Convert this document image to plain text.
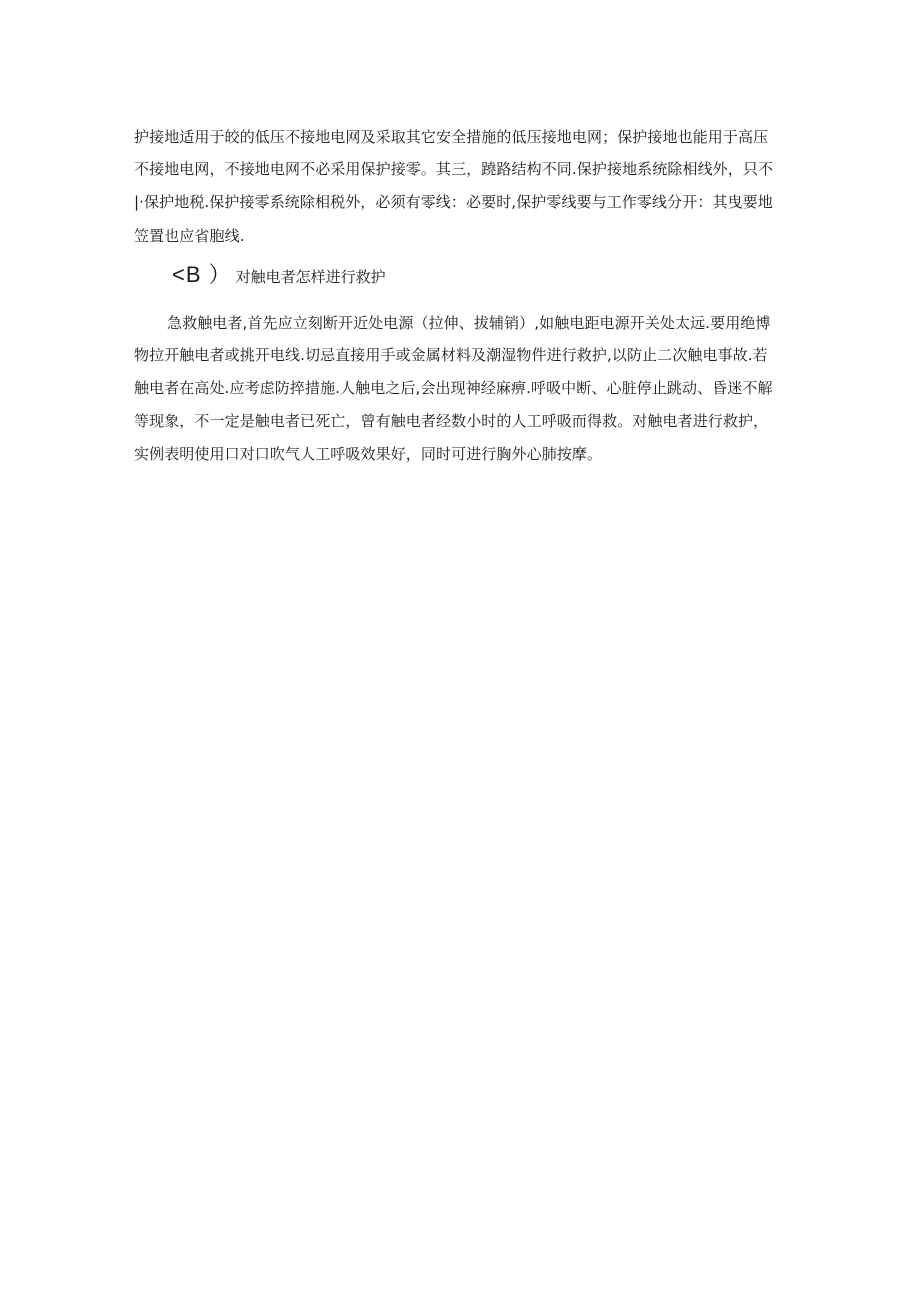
护接地适用于皎的低压不接地电网及采取其它安全措施的低压接地电网；保护接地也能用于高压
不接地电网，不接地电网不必采用保护接零。其三，蹺路结构不同.保护接地系统除相线外，只不
|·保护地税.保护接零系统除相税外，必须有零线：必要时,保护零线要与工作零线分开：其曳要地
笠置也应省胞线.
<B ） 对触电者怎样进行救护
急救触电者,首先应立刻断开近处电源（拉伸、拔辅销）,如触电距电源开关处太远.要用绝博
物拉开触电者或挑开电线.切忌直接用手或金属材料及潮湿物件进行救护,以防止二次触电事故.若
触电者在高处.应考虑防捽措施.人触电之后,会出现神经麻痹.呼吸中断、心脏停止跳动、昏迷不解
等现象，不一定是触电者已死亡，曾有触电者经数小时的人工呼吸而得救。对触电者进行救护，
实例表明使用口对口吹气人工呼吸效果好，同时可进行胸外心肺按摩。
